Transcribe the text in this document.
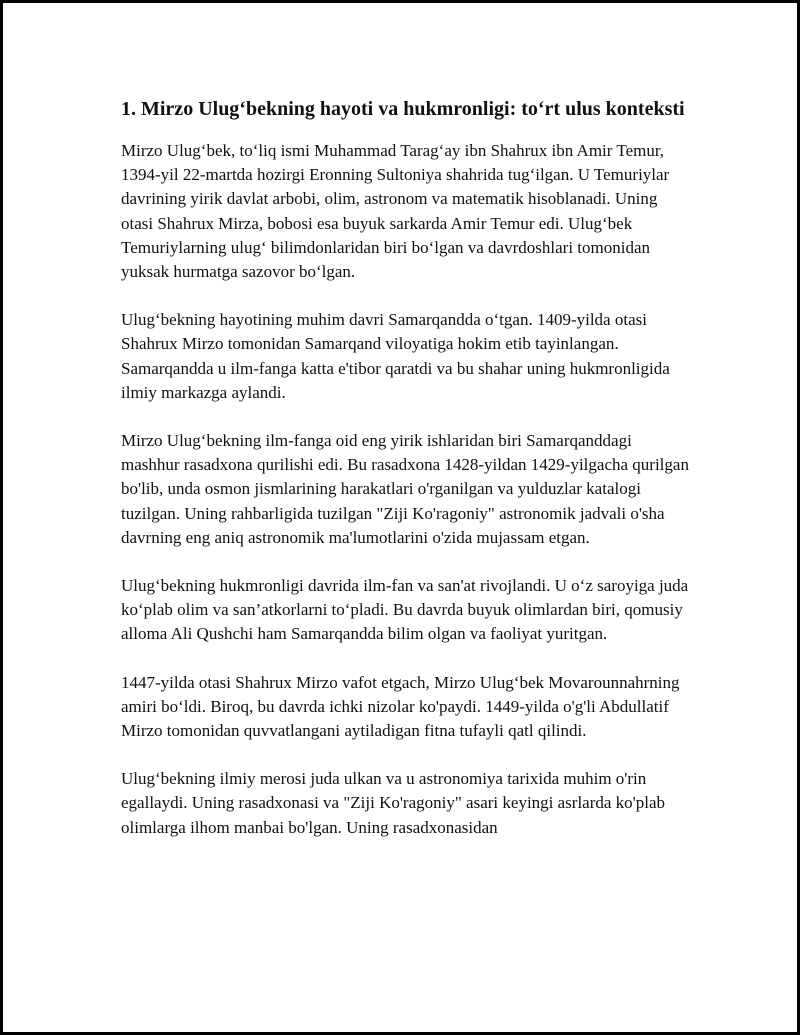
1. Mirzo Ulug‘bekning hayoti va hukmronligi: to‘rt ulus konteksti

Mirzo Ulug‘bek, to‘liq ismi Muhammad Tarag‘ay ibn Shahrux ibn Amir Temur, 1394-yil 22-martda hozirgi Eronning Sultoniya shahrida tug‘ilgan. U Temuriylar davrining yirik davlat arbobi, olim, astronom va matematik hisoblanadi. Uning otasi Shahrux Mirza, bobosi esa buyuk sarkarda Amir Temur edi. Ulug‘bek Temuriylarning ulug‘ bilimdonlaridan biri bo‘lgan va davrdoshlari tomonidan yuksak hurmatga sazovor bo‘lgan.

Ulug‘bekning hayotining muhim davri Samarqandda o‘tgan. 1409-yilda otasi Shahrux Mirzo tomonidan Samarqand viloyatiga hokim etib tayinlangan. Samarqandda u ilm-fanga katta e'tibor qaratdi va bu shahar uning hukmronligida ilmiy markazga aylandi.

Mirzo Ulug‘bekning ilm-fanga oid eng yirik ishlaridan biri Samarqanddagi mashhur rasadxona qurilishi edi. Bu rasadxona 1428-yildan 1429-yilgacha qurilgan bo'lib, unda osmon jismlarining harakatlari o'rganilgan va yulduzlar katalogi tuzilgan. Uning rahbarligida tuzilgan "Ziji Ko'ragoniy" astronomik jadvali o'sha davrning eng aniq astronomik ma'lumotlarini o'zida mujassam etgan.

Ulug‘bekning hukmronligi davrida ilm-fan va san'at rivojlandi. U o‘z saroyiga juda ko‘plab olim va san’atkorlarni to‘pladi. Bu davrda buyuk olimlardan biri, qomusiy alloma Ali Qushchi ham Samarqandda bilim olgan va faoliyat yuritgan.

1447-yilda otasi Shahrux Mirzo vafot etgach, Mirzo Ulug‘bek Movarounnahrning amiri bo‘ldi. Biroq, bu davrda ichki nizolar ko'paydi. 1449-yilda o'g'li Abdullatif Mirzo tomonidan quvvatlangani aytiladigan fitna tufayli qatl qilindi.

Ulug‘bekning ilmiy merosi juda ulkan va u astronomiya tarixida muhim o'rin egallaydi. Uning rasadxonasi va "Ziji Ko'ragoniy" asari keyingi asrlarda ko'plab olimlarga ilhom manbai bo'lgan. Uning rasadxonasidan
